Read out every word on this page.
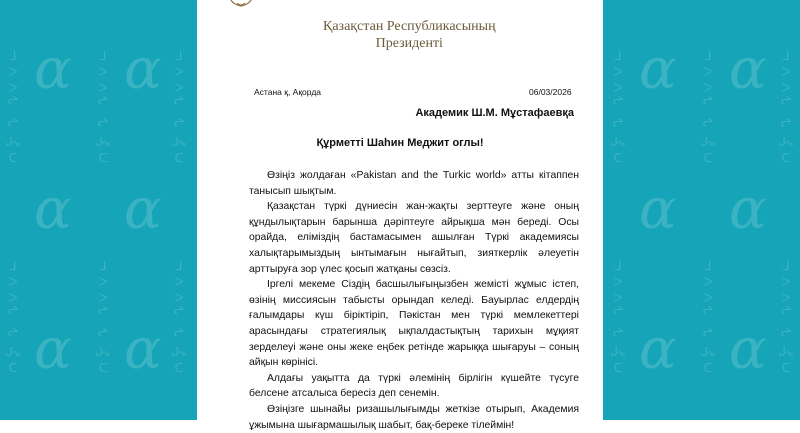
ᑐᖏᖢ ᖢᐸᐸᒥ
ᑐᖏᖢ ᖢᐸᐸᒥ
ɑ
ɑ
ɑ
ᑐᖏᖢ ᖢᐸᐸᒥ
ᑐᖏᖢ ᖢᐸᐸᒥ
ɑ
ɑ
ɑ
ᑐᖏᖢ ᖢᐸᐸᒥ
ᑐᖏᖢ ᖢᐸᐸᒥ
ᑐᖏᖢ ᖢᐸᐸᒥ
ᑐᖏᖢ ᖢᐸᐸᒥ
ɑ
ɑ
ɑ
ᑐᖏᖢ ᖢᐸᐸᒥ
ᑐᖏᖢ ᖢᐸᐸᒥ
ɑ
ɑ
ɑ
ᑐᖏᖢ ᖢᐸᐸᒥ
ᑐᖏᖢ ᖢᐸᐸᒥ
Қазақстан Республикасының
Президенті
Астана қ, Ақорда	06/03/2026
Академик Ш.М. Мұстафаевқа
Құрметті Шаһин Меджит оглы!

Өзіңіз жолдаған «Pakistan and the Turkic world» атты кітаппен танысып шықтым.

Қазақстан түркі дүниесін жан-жақты зерттеуге және оның құндылықтарын барынша дәріптеуге айрықша мән береді. Осы орайда, еліміздің бастамасымен ашылған Түркі академиясы халықтарымыздың ынтымағын нығайтып, зияткерлік әлеуетін арттыруға зор үлес қосып жатқаны сөзсіз.

Іргелі мекеме Сіздің басшылығыңызбен жемісті жұмыс істеп, өзінің миссиясын табысты орындап келеді. Бауырлас елдердің ғалымдары күш біріктіріп, Пәкістан мен түркі мемлекеттері арасындағы стратегиялық ықпалдастықтың тарихын мұқият зерделеуі және оны жеке еңбек ретінде жарыққа шығаруы – соның айқын көрінісі.

Алдағы уақытта да түркі әлемінің бірлігін күшейте түсуге белсене атсалыса бересіз деп сенемін.

Өзіңізге шынайы ризашылығымды жеткізе отырып, Академия ұжымына шығармашылық шабыт, бақ-береке тілеймін!
